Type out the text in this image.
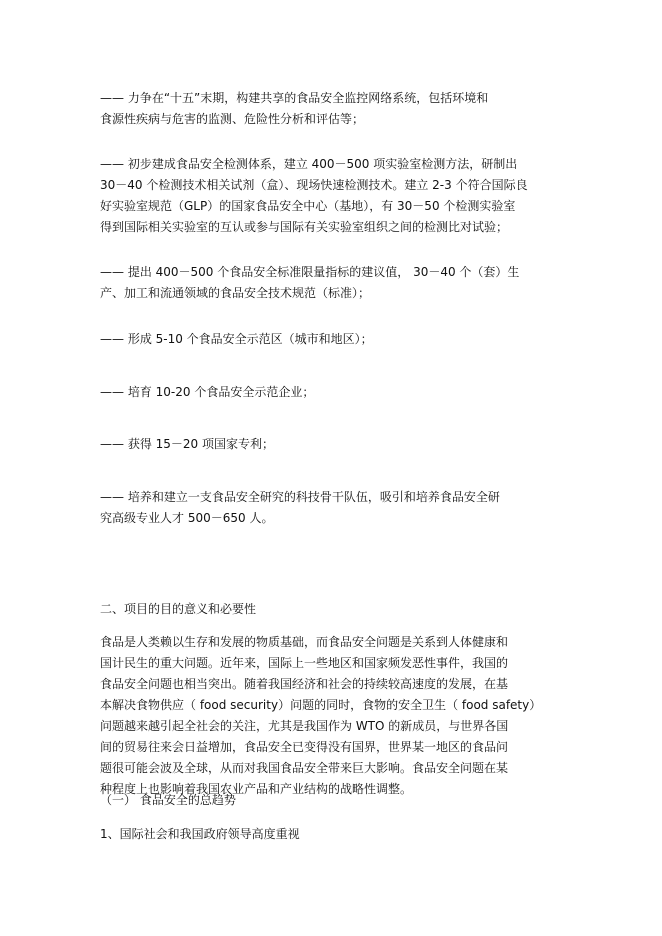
—— 力争在“十五”末期，构建共享的食品安全监控网络系统，包括环境和
食源性疾病与危害的监测、危险性分析和评估等；

—— 初步建成食品安全检测体系，建立 400－500 项实验室检测方法，研制出
30－40 个检测技术相关试剂（盒）、现场快速检测技术。建立 2-3 个符合国际良
好实验室规范（GLP）的国家食品安全中心（基地），有 30－50 个检测实验室
得到国际相关实验室的互认或参与国际有关实验室组织之间的检测比对试验；

—— 提出 400－500 个食品安全标准限量指标的建议值， 30－40 个（套）生
产、加工和流通领域的食品安全技术规范（标准）；

—— 形成 5-10 个食品安全示范区（城市和地区）；

—— 培育 10-20 个食品安全示范企业；

—— 获得 15－20 项国家专利；

—— 培养和建立一支食品安全研究的科技骨干队伍，吸引和培养食品安全研
究高级专业人才 500－650 人。

二、项目的目的意义和必要性

食品是人类赖以生存和发展的物质基础，而食品安全问题是关系到人体健康和
国计民生的重大问题。近年来，国际上一些地区和国家频发恶性事件，我国的
食品安全问题也相当突出。随着我国经济和社会的持续较高速度的发展，在基
本解决食物供应（ food security）问题的同时，食物的安全卫生（ food safety）
问题越来越引起全社会的关注，尤其是我国作为 WTO 的新成员，与世界各国
间的贸易往来会日益增加，食品安全已变得没有国界，世界某一地区的食品问
题很可能会波及全球，从而对我国食品安全带来巨大影响。食品安全问题在某
种程度上也影响着我国农业产品和产业结构的战略性调整。

（一） 食品安全的总趋势
1、国际社会和我国政府领导高度重视
